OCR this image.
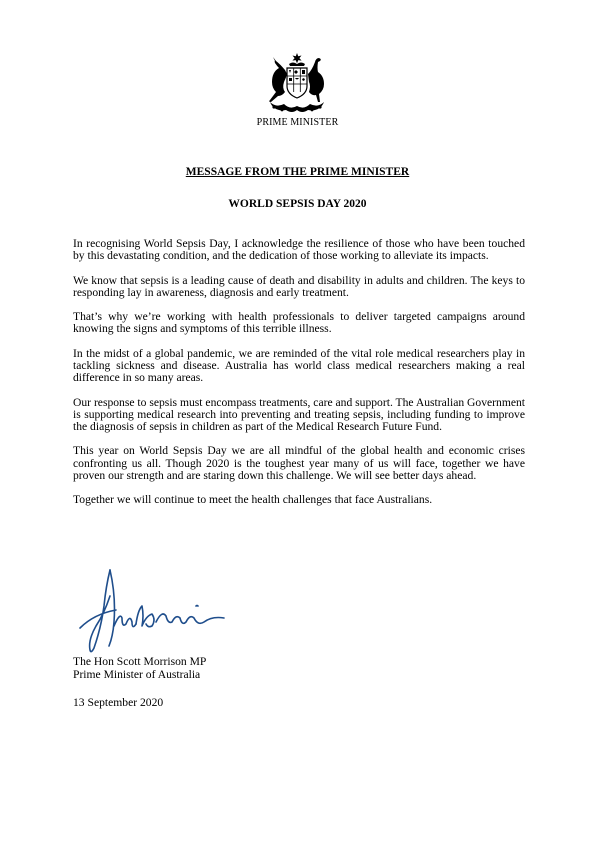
PRIME MINISTER
MESSAGE FROM THE PRIME MINISTER
WORLD SEPSIS DAY 2020

In recognising World Sepsis Day, I acknowledge the resilience of those who have been touched by this devastating condition, and the dedication of those working to alleviate its impacts.

We know that sepsis is a leading cause of death and disability in adults and children. The keys to responding lay in awareness, diagnosis and early treatment.

That’s why we’re working with health professionals to deliver targeted campaigns around knowing the signs and symptoms of this terrible illness.

In the midst of a global pandemic, we are reminded of the vital role medical researchers play in tackling sickness and disease. Australia has world class medical researchers making a real difference in so many areas.

Our response to sepsis must encompass treatments, care and support. The Australian Government is supporting medical research into preventing and treating sepsis, including funding to improve the diagnosis of sepsis in children as part of the Medical Research Future Fund.

This year on World Sepsis Day we are all mindful of the global health and economic crises confronting us all. Though 2020 is the toughest year many of us will face, together we have proven our strength and are staring down this challenge. We will see better days ahead.

Together we will continue to meet the health challenges that face Australians.

The Hon Scott Morrison MP
Prime Minister of Australia
13 September 2020
